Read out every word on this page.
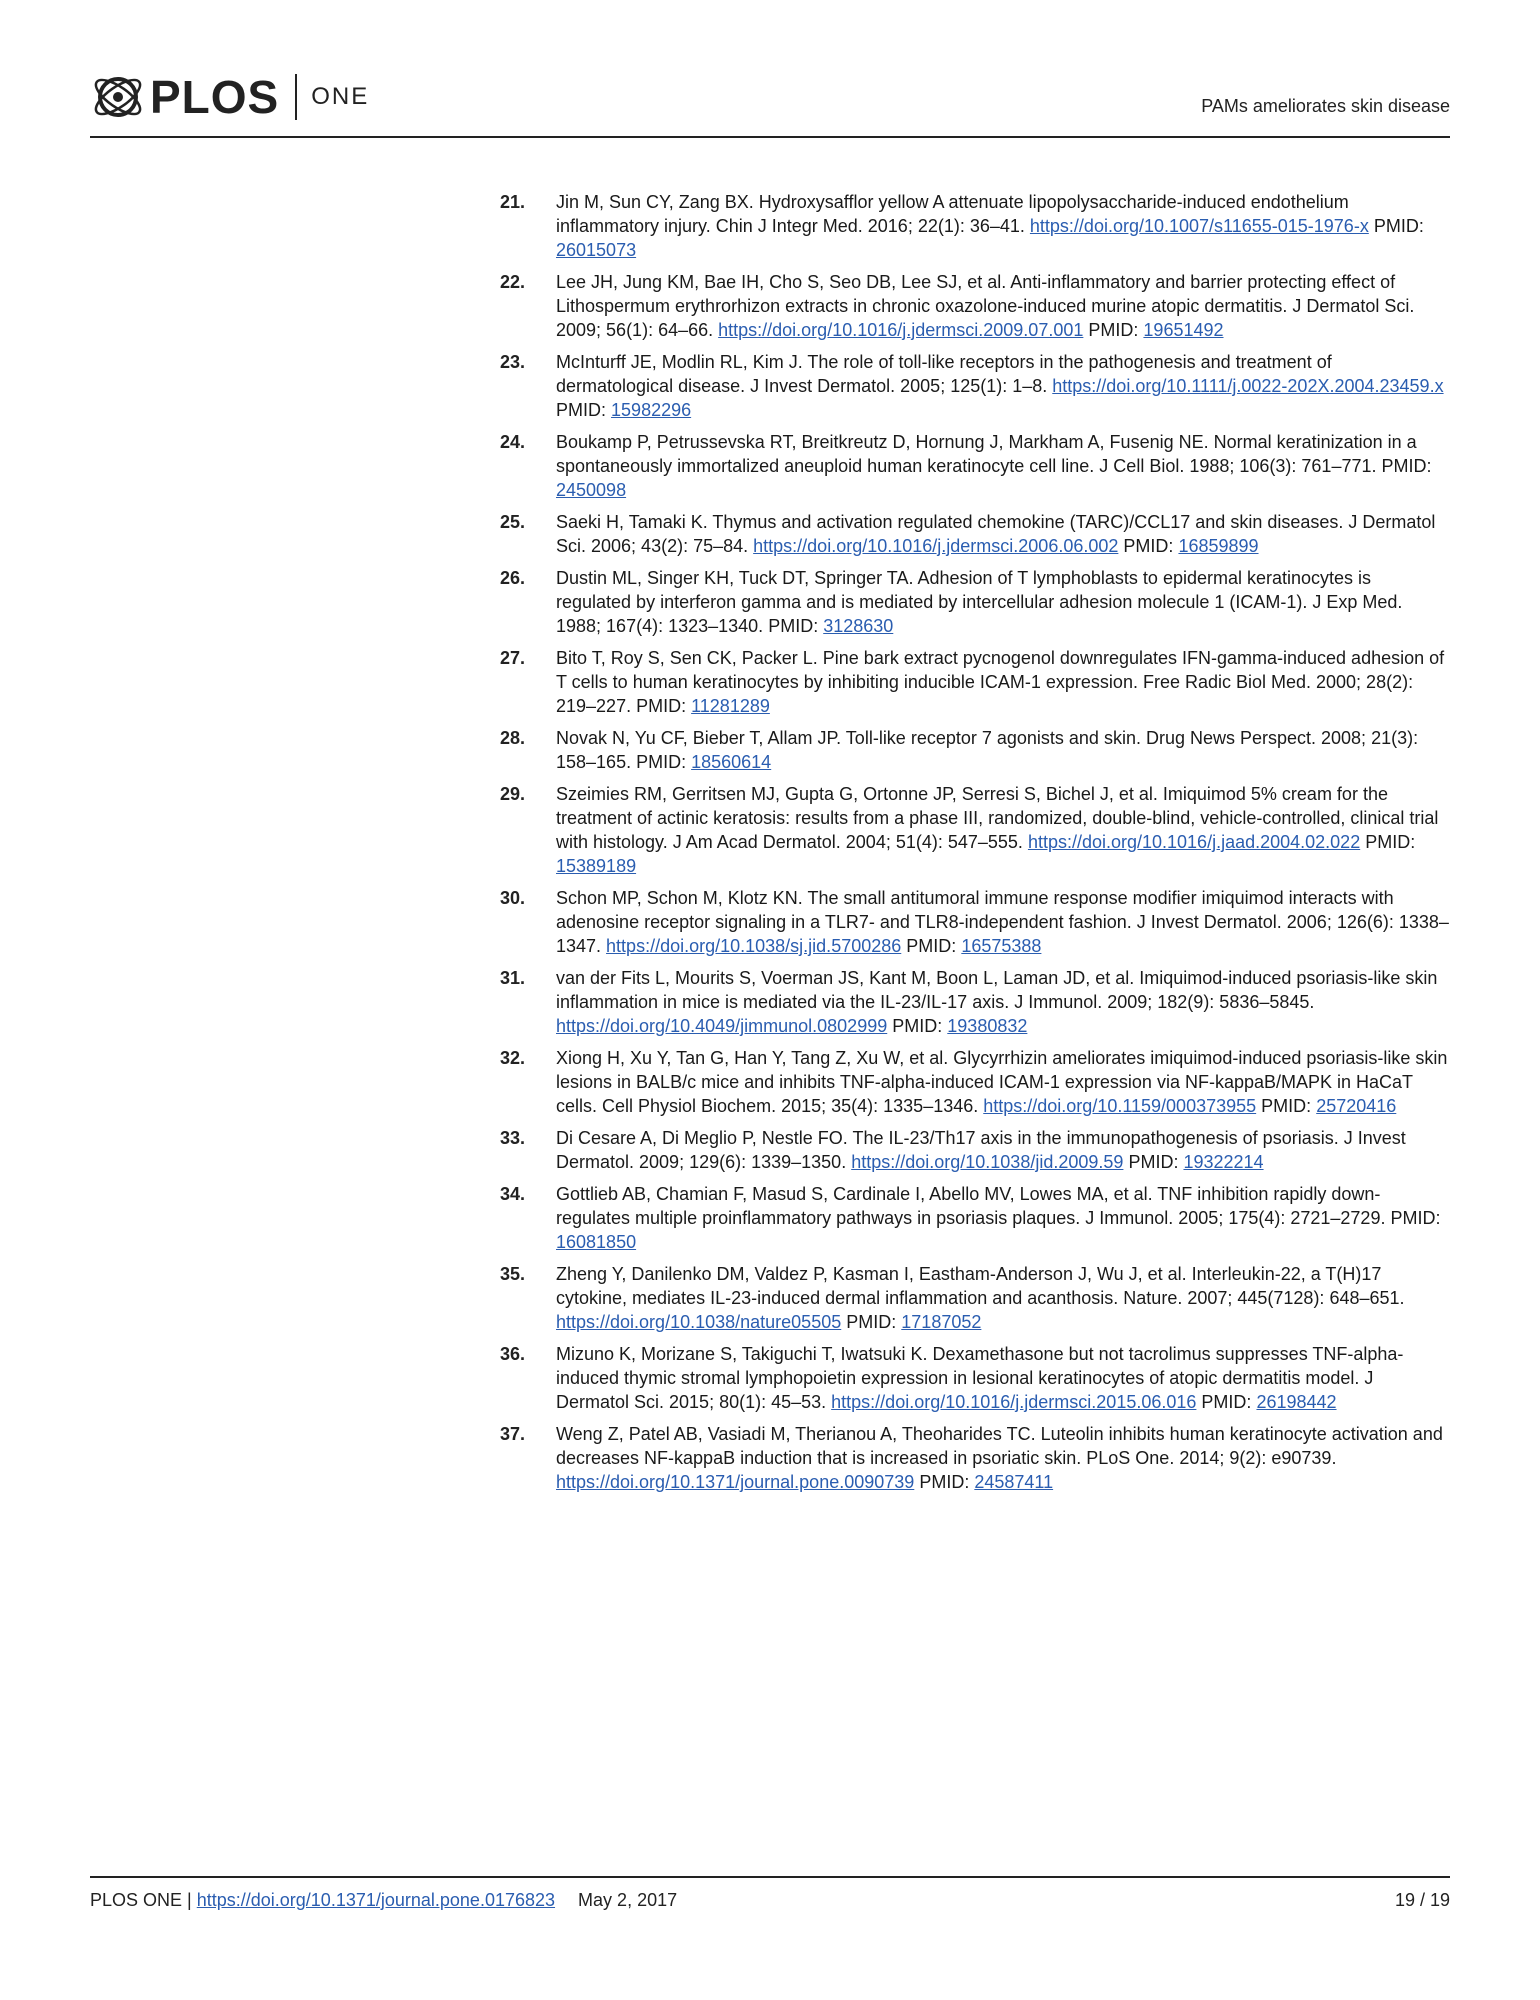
PLOS ONE	PAMs ameliorates skin disease
21.	Jin M, Sun CY, Zang BX. Hydroxysafflor yellow A attenuate lipopolysaccharide-induced endothelium inflammatory injury. Chin J Integr Med. 2016; 22(1): 36–41. https://doi.org/10.1007/s11655-015-1976-x PMID: 26015073
22.	Lee JH, Jung KM, Bae IH, Cho S, Seo DB, Lee SJ, et al. Anti-inflammatory and barrier protecting effect of Lithospermum erythrorhizon extracts in chronic oxazolone-induced murine atopic dermatitis. J Dermatol Sci. 2009; 56(1): 64–66. https://doi.org/10.1016/j.jdermsci.2009.07.001 PMID: 19651492
23.	McInturff JE, Modlin RL, Kim J. The role of toll-like receptors in the pathogenesis and treatment of dermatological disease. J Invest Dermatol. 2005; 125(1): 1–8. https://doi.org/10.1111/j.0022-202X.2004.23459.x PMID: 15982296
24.	Boukamp P, Petrussevska RT, Breitkreutz D, Hornung J, Markham A, Fusenig NE. Normal keratinization in a spontaneously immortalized aneuploid human keratinocyte cell line. J Cell Biol. 1988; 106(3): 761–771. PMID: 2450098
25.	Saeki H, Tamaki K. Thymus and activation regulated chemokine (TARC)/CCL17 and skin diseases. J Dermatol Sci. 2006; 43(2): 75–84. https://doi.org/10.1016/j.jdermsci.2006.06.002 PMID: 16859899
26.	Dustin ML, Singer KH, Tuck DT, Springer TA. Adhesion of T lymphoblasts to epidermal keratinocytes is regulated by interferon gamma and is mediated by intercellular adhesion molecule 1 (ICAM-1). J Exp Med. 1988; 167(4): 1323–1340. PMID: 3128630
27.	Bito T, Roy S, Sen CK, Packer L. Pine bark extract pycnogenol downregulates IFN-gamma-induced adhesion of T cells to human keratinocytes by inhibiting inducible ICAM-1 expression. Free Radic Biol Med. 2000; 28(2): 219–227. PMID: 11281289
28.	Novak N, Yu CF, Bieber T, Allam JP. Toll-like receptor 7 agonists and skin. Drug News Perspect. 2008; 21(3): 158–165. PMID: 18560614
29.	Szeimies RM, Gerritsen MJ, Gupta G, Ortonne JP, Serresi S, Bichel J, et al. Imiquimod 5% cream for the treatment of actinic keratosis: results from a phase III, randomized, double-blind, vehicle-controlled, clinical trial with histology. J Am Acad Dermatol. 2004; 51(4): 547–555. https://doi.org/10.1016/j.jaad.2004.02.022 PMID: 15389189
30.	Schon MP, Schon M, Klotz KN. The small antitumoral immune response modifier imiquimod interacts with adenosine receptor signaling in a TLR7- and TLR8-independent fashion. J Invest Dermatol. 2006; 126(6): 1338–1347. https://doi.org/10.1038/sj.jid.5700286 PMID: 16575388
31.	van der Fits L, Mourits S, Voerman JS, Kant M, Boon L, Laman JD, et al. Imiquimod-induced psoriasis-like skin inflammation in mice is mediated via the IL-23/IL-17 axis. J Immunol. 2009; 182(9): 5836–5845. https://doi.org/10.4049/jimmunol.0802999 PMID: 19380832
32.	Xiong H, Xu Y, Tan G, Han Y, Tang Z, Xu W, et al. Glycyrrhizin ameliorates imiquimod-induced psoriasis-like skin lesions in BALB/c mice and inhibits TNF-alpha-induced ICAM-1 expression via NF-kappaB/MAPK in HaCaT cells. Cell Physiol Biochem. 2015; 35(4): 1335–1346. https://doi.org/10.1159/000373955 PMID: 25720416
33.	Di Cesare A, Di Meglio P, Nestle FO. The IL-23/Th17 axis in the immunopathogenesis of psoriasis. J Invest Dermatol. 2009; 129(6): 1339–1350. https://doi.org/10.1038/jid.2009.59 PMID: 19322214
34.	Gottlieb AB, Chamian F, Masud S, Cardinale I, Abello MV, Lowes MA, et al. TNF inhibition rapidly down-regulates multiple proinflammatory pathways in psoriasis plaques. J Immunol. 2005; 175(4): 2721–2729. PMID: 16081850
35.	Zheng Y, Danilenko DM, Valdez P, Kasman I, Eastham-Anderson J, Wu J, et al. Interleukin-22, a T(H)17 cytokine, mediates IL-23-induced dermal inflammation and acanthosis. Nature. 2007; 445(7128): 648–651. https://doi.org/10.1038/nature05505 PMID: 17187052
36.	Mizuno K, Morizane S, Takiguchi T, Iwatsuki K. Dexamethasone but not tacrolimus suppresses TNF-alpha-induced thymic stromal lymphopoietin expression in lesional keratinocytes of atopic dermatitis model. J Dermatol Sci. 2015; 80(1): 45–53. https://doi.org/10.1016/j.jdermsci.2015.06.016 PMID: 26198442
37.	Weng Z, Patel AB, Vasiadi M, Therianou A, Theoharides TC. Luteolin inhibits human keratinocyte activation and decreases NF-kappaB induction that is increased in psoriatic skin. PLoS One. 2014; 9(2): e90739. https://doi.org/10.1371/journal.pone.0090739 PMID: 24587411
PLOS ONE | https://doi.org/10.1371/journal.pone.0176823 May 2, 2017	19 / 19
